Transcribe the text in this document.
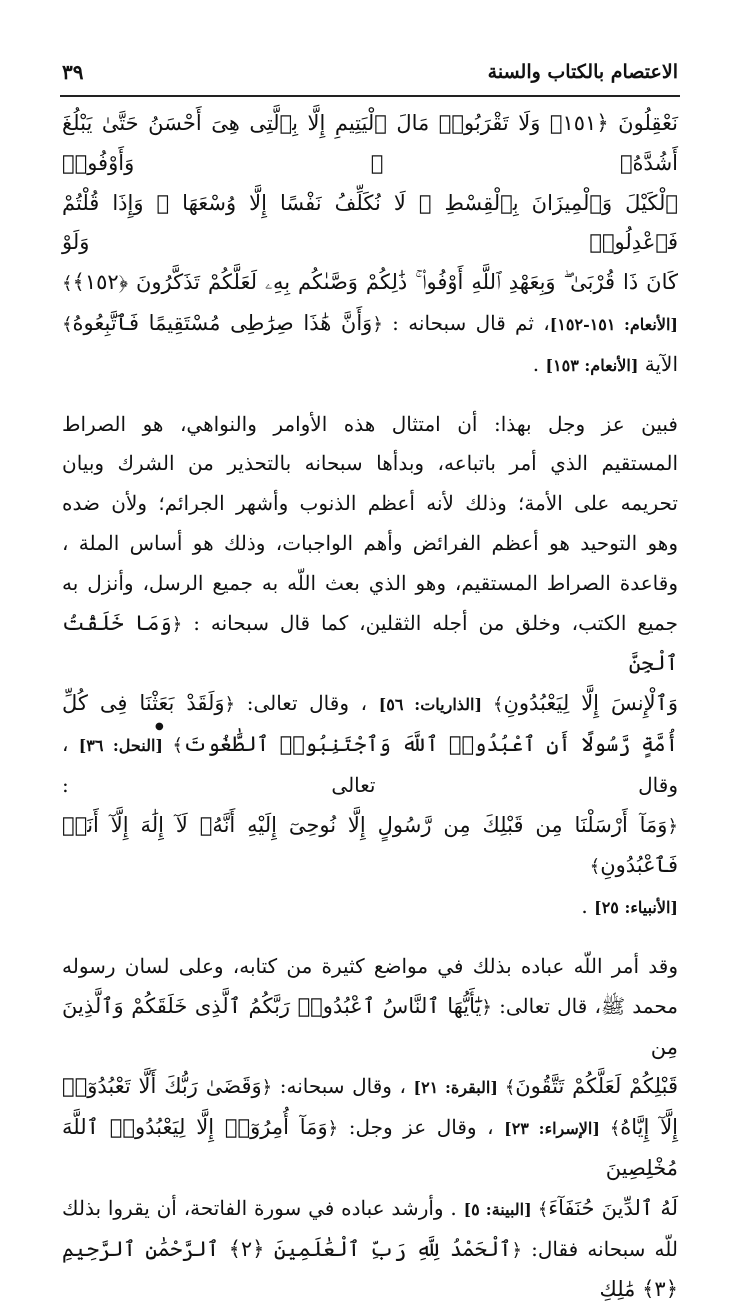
الاعتصام بالكتاب والسنة
٣٩

نَعْقِلُونَ ﴿١٥١﴾ وَلَا تَقْرَبُوا۟ مَالَ ٱلْيَتِيمِ إِلَّا بِٱلَّتِى هِىَ أَحْسَنُ حَتَّىٰ يَبْلُغَ أَشُدَّهُۥ ۖ وَأَوْفُوا۟

ٱلْكَيْلَ وَٱلْمِيزَانَ بِٱلْقِسْطِ ۖ لَا نُكَلِّفُ نَفْسًا إِلَّا وُسْعَهَا ۖ وَإِذَا قُلْتُمْ فَٱعْدِلُوا۟ وَلَوْ

كَانَ ذَا قُرْبَىٰ ۖ وَبِعَهْدِ ٱللَّهِ أَوْفُوا۟ ۚ ذَٰلِكُمْ وَصَّىٰكُم بِهِۦ لَعَلَّكُمْ تَذَكَّرُونَ ﴿١٥٢﴾﴾

[الأنعام: ١٥١-١٥٢]، ثم قال سبحانه : ﴿وَأَنَّ هَٰذَا صِرَٰطِى مُسْتَقِيمًا فَٱتَّبِعُوهُ﴾

الآية [الأنعام: ١٥٣] .

فبين عز وجل بهذا: أن امتثال هذه الأوامر والنواهي، هو الصراط

المستقيم الذي أمر باتباعه، وبدأها سبحانه بالتحذير من الشرك وبيان

تحريمه على الأمة؛ وذلك لأنه أعظم الذنوب وأشهر الجرائم؛ ولأن ضده

وهو التوحيد هو أعظم الفرائض وأهم الواجبات، وذلك هو أساس الملة ،

وقاعدة الصراط المستقيم، وهو الذي بعث اللّه به جميع الرسل، وأنزل به

جميع الكتب، وخلق من أجله الثقلين، كما قال سبحانه : ﴿وَمَا خَلَقْتُ ٱلْجِنَّ

وَٱلْإِنسَ إِلَّا لِيَعْبُدُونِ﴾ [الذاريات: ٥٦] ، وقال تعالى: ﴿وَلَقَدْ بَعَثْنَا فِى كُلِّ

أُمَّةٍ رَّسُولًا أَنِ ٱعْبُدُوا۟ ٱللَّهَ وَٱجْتَنِبُوا۟ ٱلطَّٰغُوتَ﴾ [النحل: ٣٦] ، وقال تعالى :

﴿وَمَآ أَرْسَلْنَا مِن قَبْلِكَ مِن رَّسُولٍ إِلَّا نُوحِىٓ إِلَيْهِ أَنَّهُۥ لَآ إِلَٰهَ إِلَّآ أَنَا۠ فَٱعْبُدُونِ﴾

[الأنبياء: ٢٥] .

وقد أمر اللّه عباده بذلك في مواضع كثيرة من كتابه، وعلى لسان رسوله

محمد ﷺ، قال تعالى: ﴿يَٰٓأَيُّهَا ٱلنَّاسُ ٱعْبُدُوا۟ رَبَّكُمُ ٱلَّذِى خَلَقَكُمْ وَٱلَّذِينَ مِن

قَبْلِكُمْ لَعَلَّكُمْ تَتَّقُونَ﴾ [البقرة: ٢١] ، وقال سبحانه: ﴿وَقَضَىٰ رَبُّكَ أَلَّا تَعْبُدُوٓا۟

إِلَّآ إِيَّاهُ﴾ [الإسراء: ٢٣] ، وقال عز وجل: ﴿وَمَآ أُمِرُوٓا۟ إِلَّا لِيَعْبُدُوا۟ ٱللَّهَ مُخْلِصِينَ

لَهُ ٱلدِّينَ حُنَفَآءَ﴾ [البينة: ٥] . وأرشد عباده في سورة الفاتحة، أن يقروا بذلك

للّه سبحانه فقال: ﴿ٱلْحَمْدُ لِلَّهِ رَبِّ ٱلْعَٰلَمِينَ ﴿٢﴾ ٱلرَّحْمَٰنِ ٱلرَّحِيمِ ﴿٣﴾ مَٰلِكِ

●
